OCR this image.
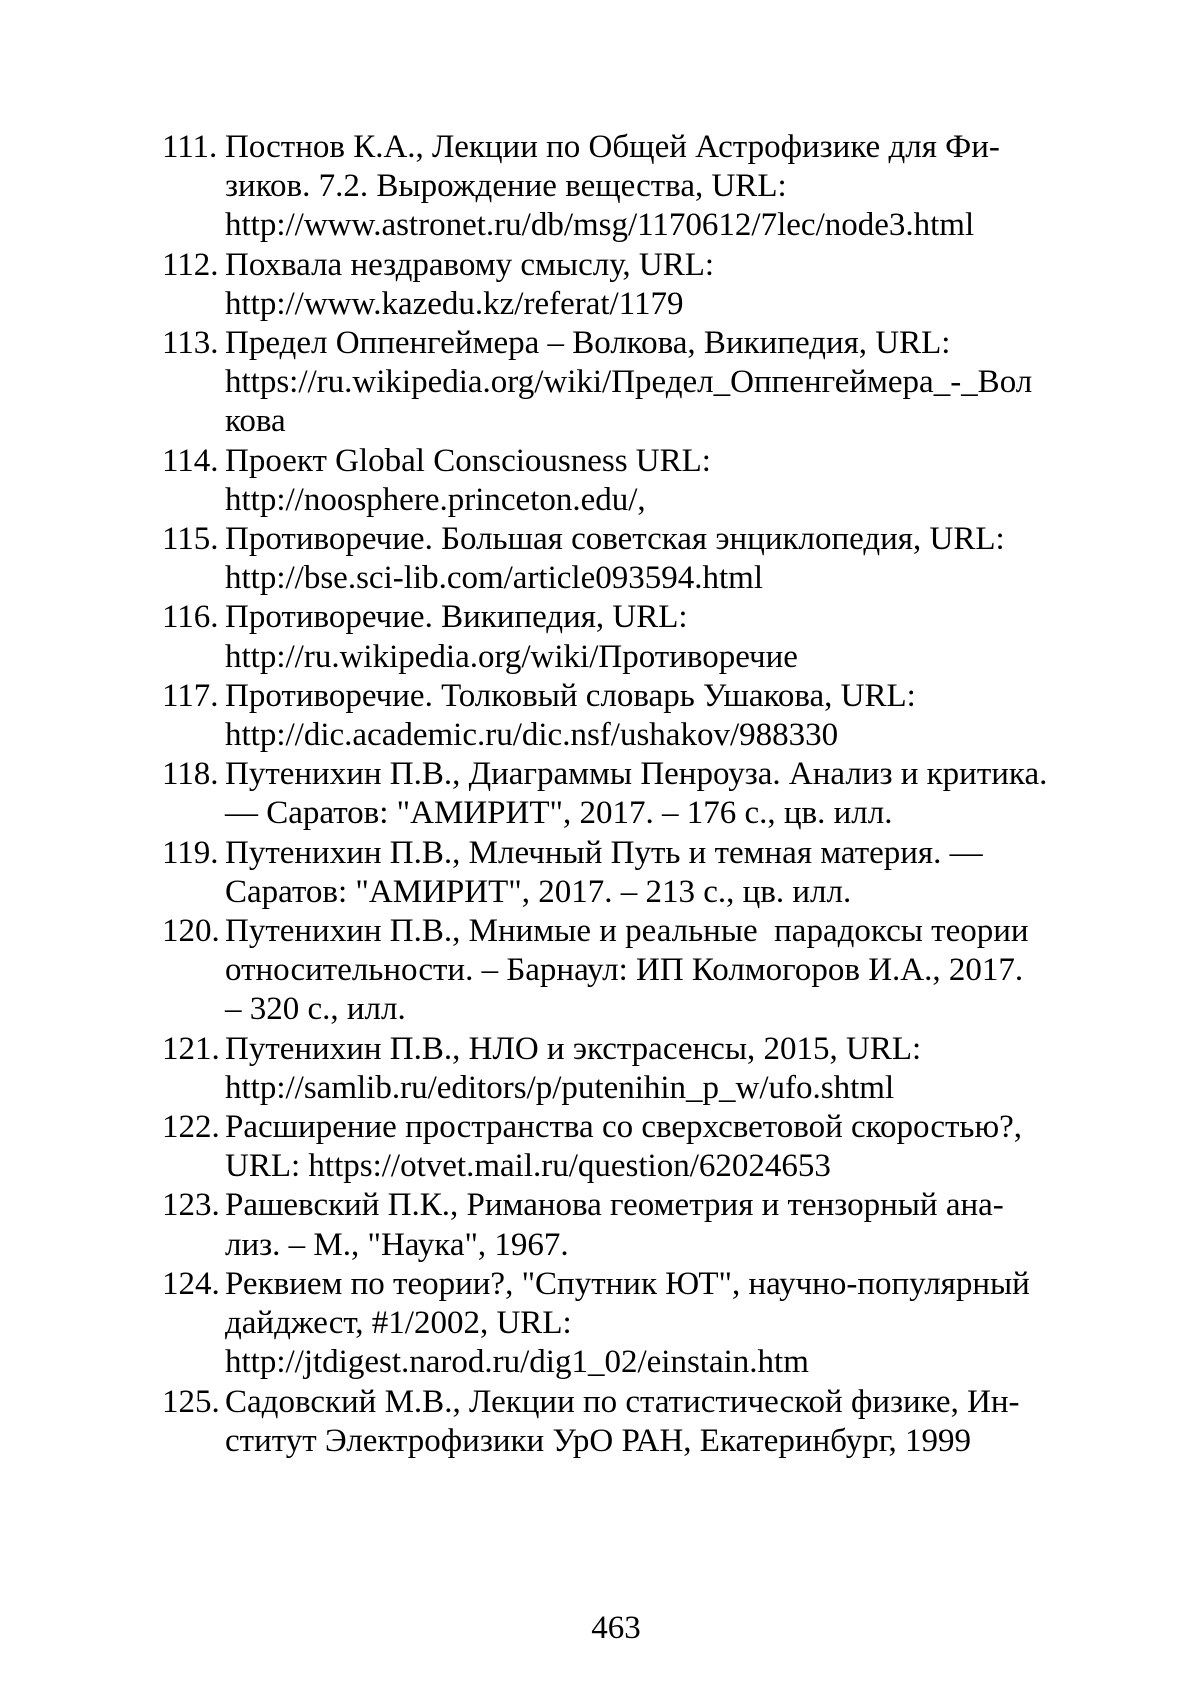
111. Постнов К.А., Лекции по Общей Астрофизике для Фи-
зиков. 7.2. Вырождение вещества, URL:
http://www.astronet.ru/db/msg/1170612/7lec/node3.html
112. Похвала нездравому смыслу, URL:
http://www.kazedu.kz/referat/1179
113. Предел Оппенгеймера – Волкова, Википедия, URL:
https://ru.wikipedia.org/wiki/Предел_Оппенгеймера_-_Вол
кова
114. Проект Global Consciousness URL:
http://noosphere.princeton.edu/,
115. Противоречие. Большая советская энциклопедия, URL:
http://bse.sci-lib.com/article093594.html
116. Противоречие. Википедия, URL:
http://ru.wikipedia.org/wiki/Противоречие
117. Противоречие. Толковый словарь Ушакова, URL:
http://dic.academic.ru/dic.nsf/ushakov/988330
118. Путенихин П.В., Диаграммы Пенроуза. Анализ и критика.
— Саратов: "АМИРИТ", 2017. – 176 с., цв. илл.
119. Путенихин П.В., Млечный Путь и темная материя. —
Саратов: "АМИРИТ", 2017. – 213 с., цв. илл.
120. Путенихин П.В., Мнимые и реальные  парадоксы теории
относительности. – Барнаул: ИП Колмогоров И.А., 2017.
– 320 с., илл.
121. Путенихин П.В., НЛО и экстрасенсы, 2015, URL:
http://samlib.ru/editors/p/putenihin_p_w/ufo.shtml
122. Расширение пространства со сверхсветовой скоростью?,
URL: https://otvet.mail.ru/question/62024653
123. Рашевский П.К., Риманова геометрия и тензорный ана-
лиз. – М., "Наука", 1967.
124. Реквием по теории?, "Спутник ЮТ", научно-популярный
дайджест, #1/2002, URL:
http://jtdigest.narod.ru/dig1_02/einstain.htm
125. Садовский М.В., Лекции по статистической физике, Ин-
ститут Электрофизики УрО РАН, Екатеринбург, 1999
463
